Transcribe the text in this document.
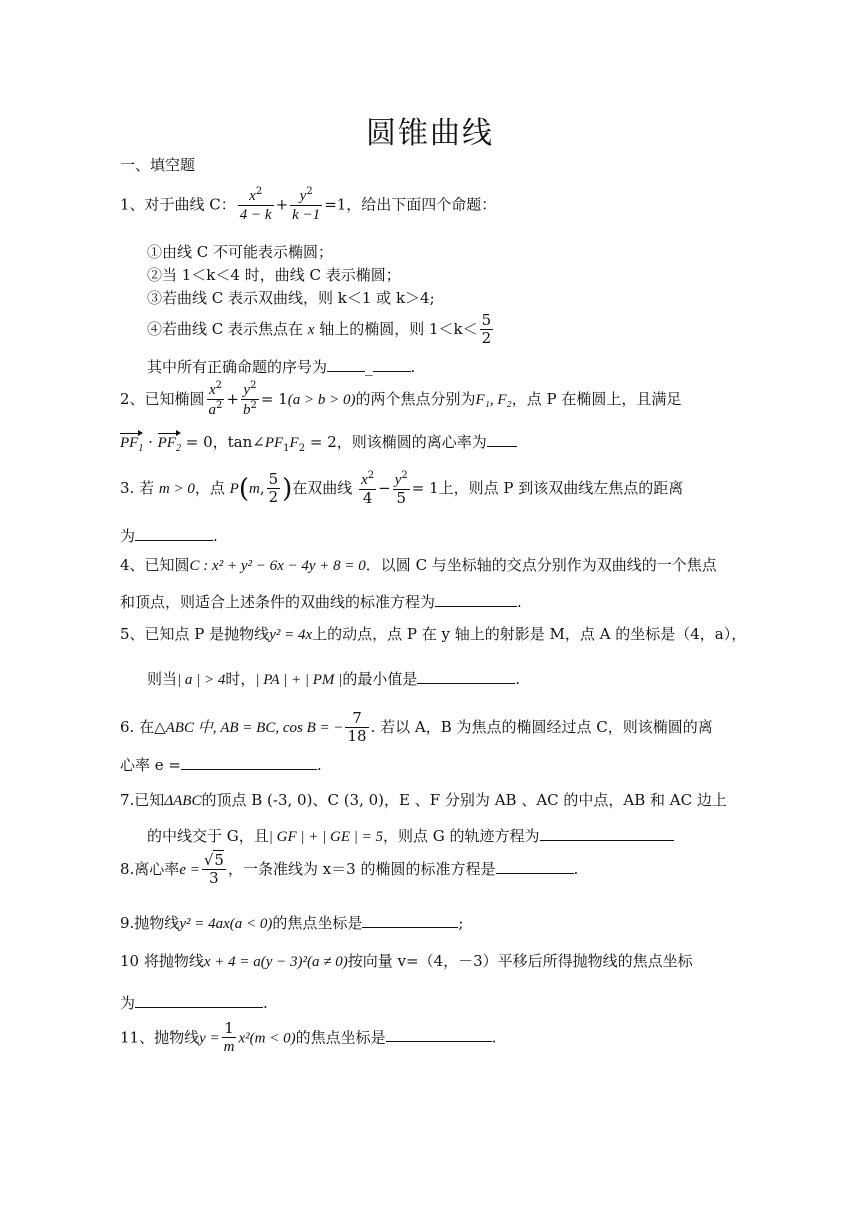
圆锥曲线
一、填空题
1、对于曲线 C： $\frac{x^2}{4 - k} + \frac{y^2}{k -1} =1$，给出下面四个命题：
①由线 C 不可能表示椭圆；
②当 1＜k＜4 时，曲线 C 表示椭圆；
③若曲线 C 表示双曲线，则 k＜1 或 k＞4;
④若曲线 C 表示焦点在 x 轴上的椭圆，则 $1<k< \frac{5}{2}$
其中所有正确命题的序号为	_	.
2、已知椭圆 $\frac{x^2}{a^2} + \frac{y^2}{b^2} = 1(a > b > 0)$的两个焦点分别为F₁, F₂，点 P 在椭圆上，且满足
$PF_1 \cdot PF_2 = 0$，$\tan\angle PF_1F_2 = 2$，则该椭圆的离心率为
3. 若 m > 0，点 P(m, $\frac{5}{2}$ )在双曲线 $\frac{x^2}{4} - \frac{y^2}{5} = 1$上，则点 P 到该双曲线左焦点的距离
为	.
4、已知圆C : x² + y² − 6x − 4y + 8 = 0．以圆 C 与坐标轴的交点分别作为双曲线的一个焦点
和顶点，则适合上述条件的双曲线的标准方程为	.
5、已知点 P 是抛物线y² = 4x上的动点，点 P 在 y 轴上的射影是 M，点 A 的坐标是（4，a），
则当| a | > 4时，| PA | + | PM |的最小值是	.
6. 在△ABC 中, AB = BC, cos B = − $\frac{7}{18}$ . 若以 A，B 为焦点的椭圆经过点 C，则该椭圆的离
心率 e =	.
7.已知ΔABC的顶点 B (-3, 0)、C (3, 0)，E 、F 分别为 AB 、AC 的中点，AB 和 AC 边上
的中线交于 G，且| GF | + | GE | = 5，则点 G 的轨迹方程为
8.离心率$e = \frac{√5}{3}$ ，一条准线为 x＝3 的椭圆的标准方程是	.
9.抛物线y² = 4ax(a < 0)的焦点坐标是	;
10 将抛物线x + 4 = a(y − 3)²(a ≠ 0)按向量 v=（4，－3）平移后所得抛物线的焦点坐标
为	.
11、抛物线$y = \frac{1}{m} x^2(m < 0)$的焦点坐标是	.
